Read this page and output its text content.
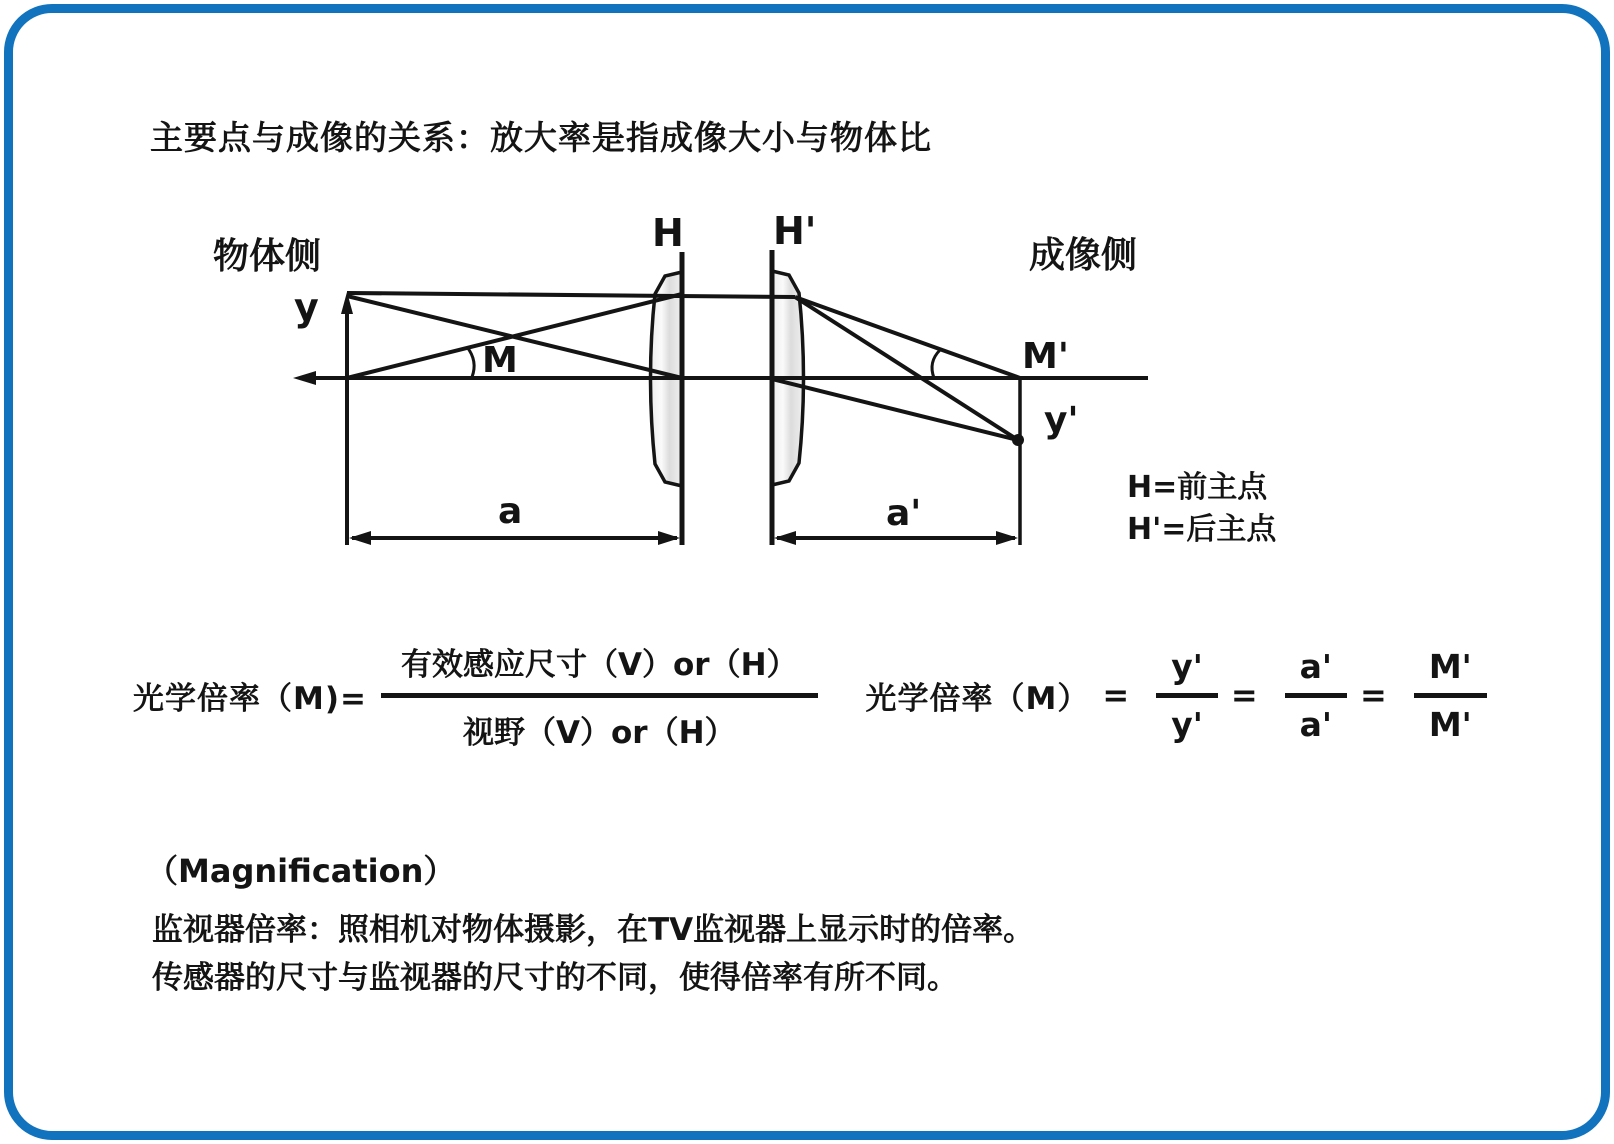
主要点与成像的关系：放大率是指成像大小与物体比
物体侧	成像侧
H H'
y
M	M'
y'
a	a'
H=前主点
H'=后主点
光学倍率$(M)= \frac{\text{有效感应尺寸（V）or（H）}}{\text{视野（V）or（H）}}$ 光学倍率$(M) = \frac{y'}{y'} = \frac{a'}{a'} = \frac{M'}{M'}$
（Magnification）
监视器倍率：照相机对物体摄影，在TV监视器上显示时的倍率。
传感器的尺寸与监视器的尺寸的不同，使得倍率有所不同。
